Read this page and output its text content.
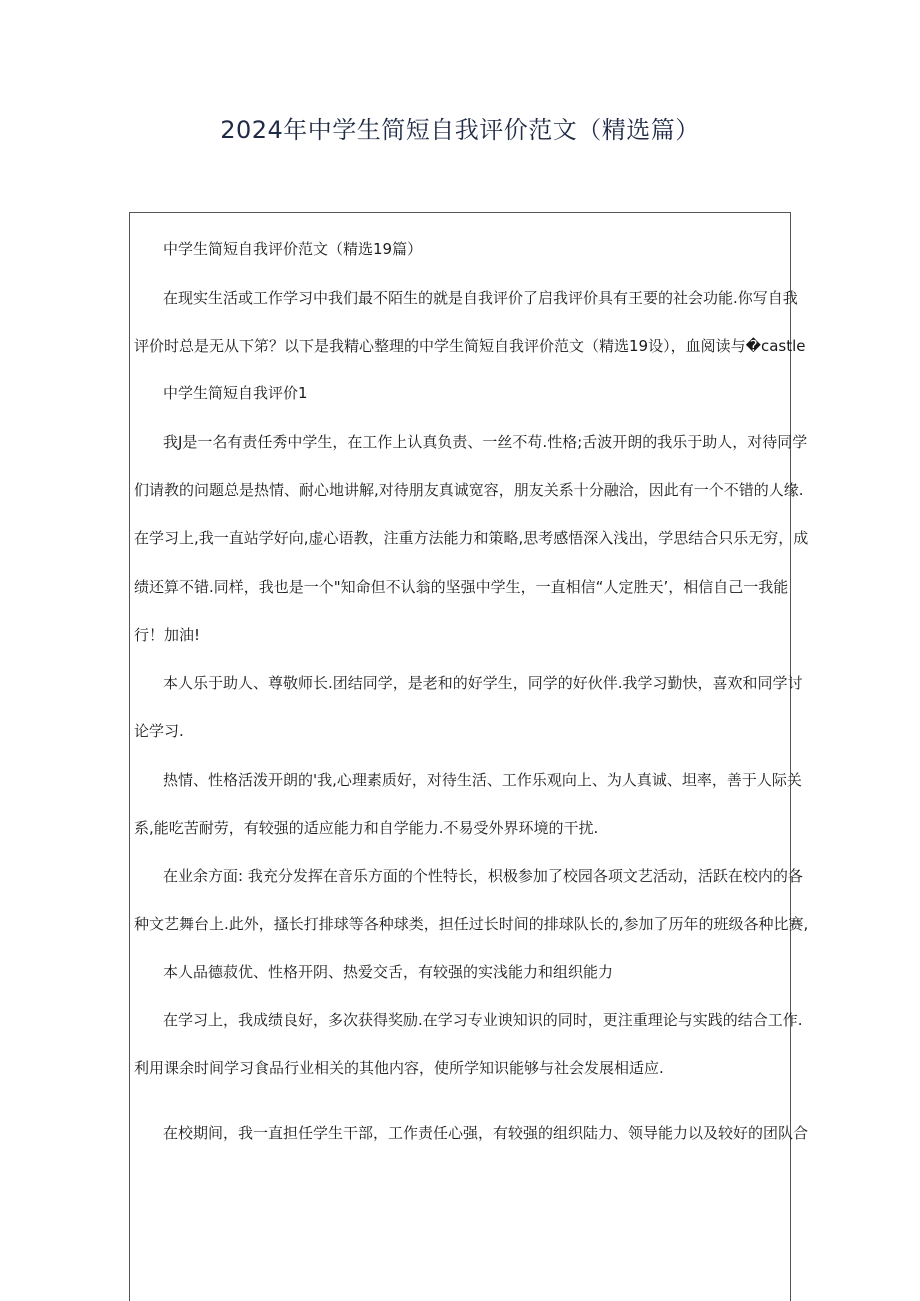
2024年中学生简短自我评价范文（精选篇）

中学生简短自我评价范文（精选19篇）

在现实生活或工作学习中我们最不陌生的就是自我评价了启我评价具有王要的社会功能.你写自我

评价时总是无从下笫？以下是我精心整理的中学生简短自我评价范文（精选19设），血阅读与�castle

中学生简短自我评价1

我J是一名有责任秀中学生，在工作上认真负责、一丝不苟.性格;舌波开朗的我乐于助人，对待同学

们请教的问题总是热情、耐心地讲解,对待朋友真诚宽容，朋友关系十分融洽，因此有一个不错的人缘.

在学习上,我一直站学好向,虚心语教，注重方法能力和策略,思考感悟深入浅出，学思结合只乐无穷，成

绩还算不错.同样，我也是一个"知命但不认翁的坚强中学生，一直相信“人定胜天’，相信自己一我能

行！加油!

本人乐于助人、尊敬师长.团结同学，是老和的好学生，同学的好伙伴.我学习勤快，喜欢和同学讨

论学习.

热情、性格活泼开朗的'我,心理素质好，对待生活、工作乐观向上、为人真诚、坦率，善于人际关

系,能吃苦耐劳，有较强的适应能力和自学能力.不易受外界环境的干扰.

在业余方面: 我充分发挥在音乐方面的个性特长，枳极参加了校园各项文艺活动，活跃在校内的各

种文艺舞台上.此外，搔长打排球等各种球类，担任过长时间的排球队长的,参加了历年的班级各种比赛,

本人品德菽优、性格开阴、热爱交舌，有较强的实浅能力和组织能力

在学习上，我成绩良好，多次获得奖励.在学习专业谀知识的同时，更注重理论与实践的结合工作.

利用课余时间学习食品行业相关的其他内容，使所学知识能够与社会发展相适应.

在校期间，我一直担任学生干部，工作责任心强，有较强的组织陆力、领导能力以及较好的团队合
